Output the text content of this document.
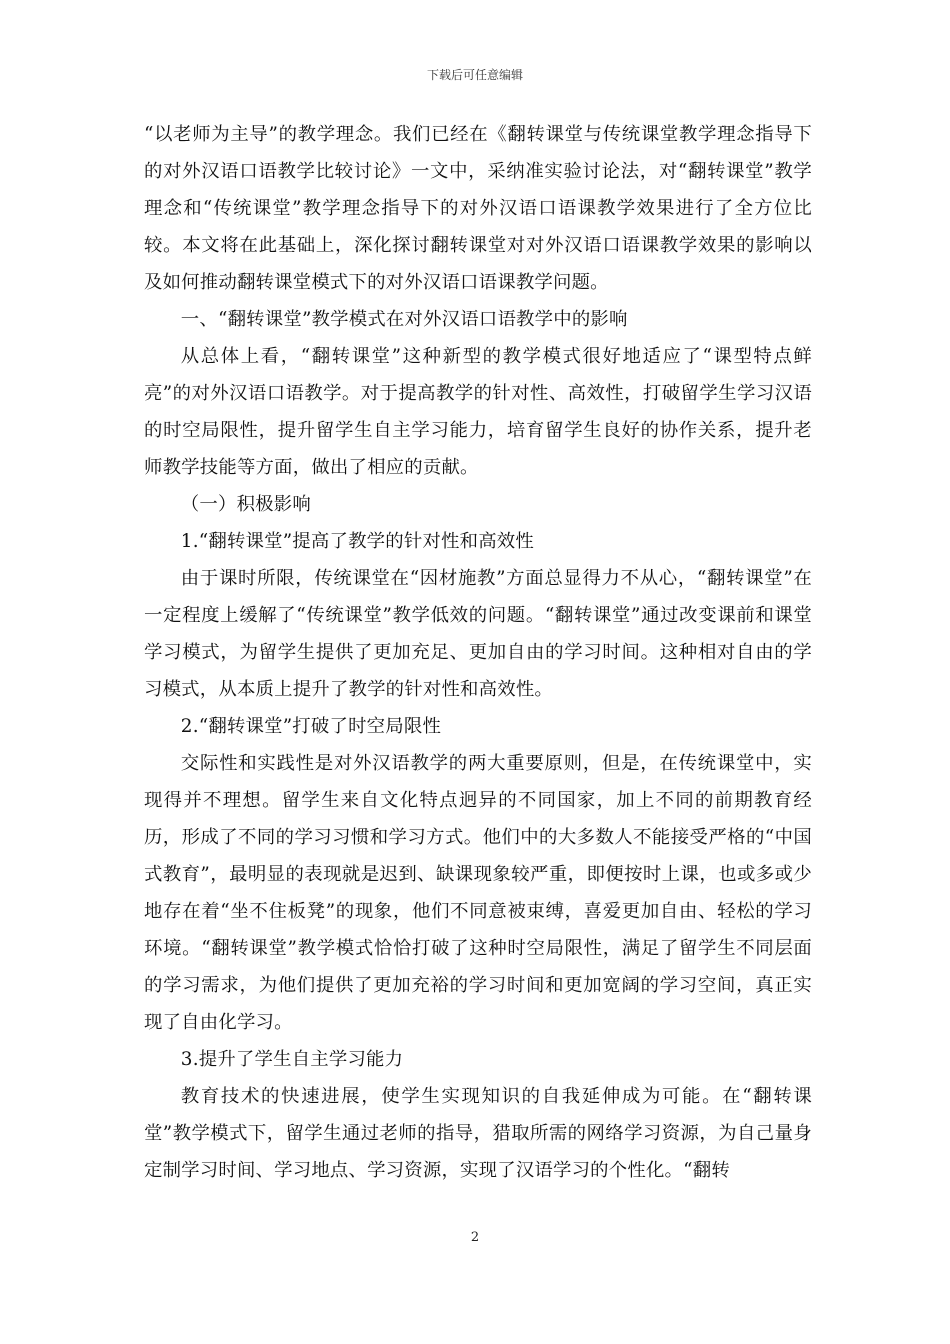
下载后可任意编辑

“以老师为主导”的教学理念。我们已经在《翻转课堂与传统课堂教学理念指导下的对外汉语口语教学比较讨论》一文中，采纳准实验讨论法，对“翻转课堂”教学理念和“传统课堂”教学理念指导下的对外汉语口语课教学效果进行了全方位比较。本文将在此基础上，深化探讨翻转课堂对对外汉语口语课教学效果的影响以及如何推动翻转课堂模式下的对外汉语口语课教学问题。

一、“翻转课堂”教学模式在对外汉语口语教学中的影响

从总体上看，“翻转课堂”这种新型的教学模式很好地适应了“课型特点鲜亮”的对外汉语口语教学。对于提高教学的针对性、高效性，打破留学生学习汉语的时空局限性，提升留学生自主学习能力，培育留学生良好的协作关系，提升老师教学技能等方面，做出了相应的贡献。

（一）积极影响

1.“翻转课堂”提高了教学的针对性和高效性

由于课时所限，传统课堂在“因材施教”方面总显得力不从心，“翻转课堂”在一定程度上缓解了“传统课堂”教学低效的问题。“翻转课堂”通过改变课前和课堂学习模式，为留学生提供了更加充足、更加自由的学习时间。这种相对自由的学习模式，从本质上提升了教学的针对性和高效性。

2.“翻转课堂”打破了时空局限性

交际性和实践性是对外汉语教学的两大重要原则，但是，在传统课堂中，实现得并不理想。留学生来自文化特点迥异的不同国家，加上不同的前期教育经历，形成了不同的学习习惯和学习方式。他们中的大多数人不能接受严格的“中国式教育”，最明显的表现就是迟到、缺课现象较严重，即便按时上课，也或多或少地存在着“坐不住板凳”的现象，他们不同意被束缚，喜爱更加自由、轻松的学习环境。“翻转课堂”教学模式恰恰打破了这种时空局限性，满足了留学生不同层面的学习需求，为他们提供了更加充裕的学习时间和更加宽阔的学习空间，真正实现了自由化学习。

3.提升了学生自主学习能力

教育技术的快速进展，使学生实现知识的自我延伸成为可能。在“翻转课堂”教学模式下，留学生通过老师的指导，猎取所需的网络学习资源，为自己量身定制学习时间、学习地点、学习资源，实现了汉语学习的个性化。“翻转

2
